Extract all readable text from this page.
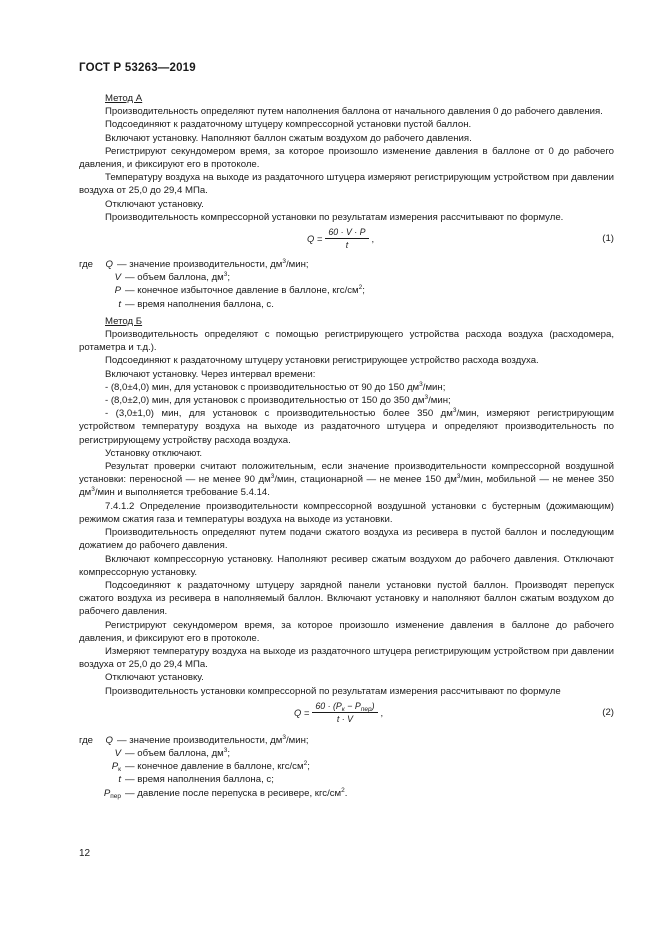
ГОСТ Р 53263—2019

Метод А

Производительность определяют путем наполнения баллона от начального давления 0 до рабочего давления.

Подсоединяют к раздаточному штуцеру компрессорной установки пустой баллон.

Включают установку. Наполняют баллон сжатым воздухом до рабочего давления.

Регистрируют секундомером время, за которое произошло изменение давления в баллоне от 0 до рабочего давления, и фиксируют его в протоколе.

Температуру воздуха на выходе из раздаточного штуцера измеряют регистрирующим устройством при давлении воздуха от 25,0 до 29,4 МПа.

Отключают установку.

Производительность компрессорной установки по результатам измерения рассчитывают по формуле.

$Q = \frac{60 \cdot V \cdot P}{t}$ ,	(1)
где	Q — значение производительности, $дм^3$/мин;
V — объем баллона, $дм^3$;
P — конечное избыточное давление в баллоне, кгс/$см^2$;
t — время наполнения баллона, с.

Метод Б

Производительность определяют с помощью регистрирующего устройства расхода воздуха (расходомера, ротаметра и т.д.).

Подсоединяют к раздаточному штуцеру установки регистрирующее устройство расхода воздуха.

Включают установку. Через интервал времени:

- (8,0±4,0) мин, для установок с производительностью от 90 до 150 $дм^3$/мин;

- (8,0±2,0) мин, для установок с производительностью от 150 до 350 $дм^3$/мин;

- (3,0±1,0) мин, для установок с производительностью более 350 $дм^3$/мин, измеряют регистрирующим устройством температуру воздуха на выходе из раздаточного штуцера и определяют производительность по регистрирующему устройству расхода воздуха.

Установку отключают.

Результат проверки считают положительным, если значение производительности компрессорной воздушной установки: переносной — не менее 90 $дм^3$/мин, стационарной — не менее 150 $дм^3$/мин, мобильной — не менее 350 $дм^3$/мин и выполняется требование 5.4.14.

7.4.1.2 Определение производительности компрессорной воздушной установки с бустерным (дожимающим) режимом сжатия газа и температуры воздуха на выходе из установки.

Производительность определяют путем подачи сжатого воздуха из ресивера в пустой баллон и последующим дожатием до рабочего давления.

Включают компрессорную установку. Наполняют ресивер сжатым воздухом до рабочего давления. Отключают компрессорную установку.

Подсоединяют к раздаточному штуцеру зарядной панели установки пустой баллон. Производят перепуск сжатого воздуха из ресивера в наполняемый баллон. Включают установку и наполняют баллон сжатым воздухом до рабочего давления.

Регистрируют секундомером время, за которое произошло изменение давления в баллоне до рабочего давления, и фиксируют его в протоколе.

Измеряют температуру воздуха на выходе из раздаточного штуцера регистрирующим устройством при давлении воздуха от 25,0 до 29,4 МПа.

Отключают установку.

Производительность установки компрессорной по результатам измерения рассчитывают по формуле

$Q = \frac{60 \cdot (P_к - P_{пер})}{t \cdot V}$ ,	(2)
где	Q — значение производительности, $дм^3$/мин;
V — объем баллона, $дм^3$;
$P_к$ — конечное давление в баллоне, кгс/$см^2$;
t — время наполнения баллона, с;
$P_{пер}$ — давление после перепуска в ресивере, кгс/$см^2$.
12
